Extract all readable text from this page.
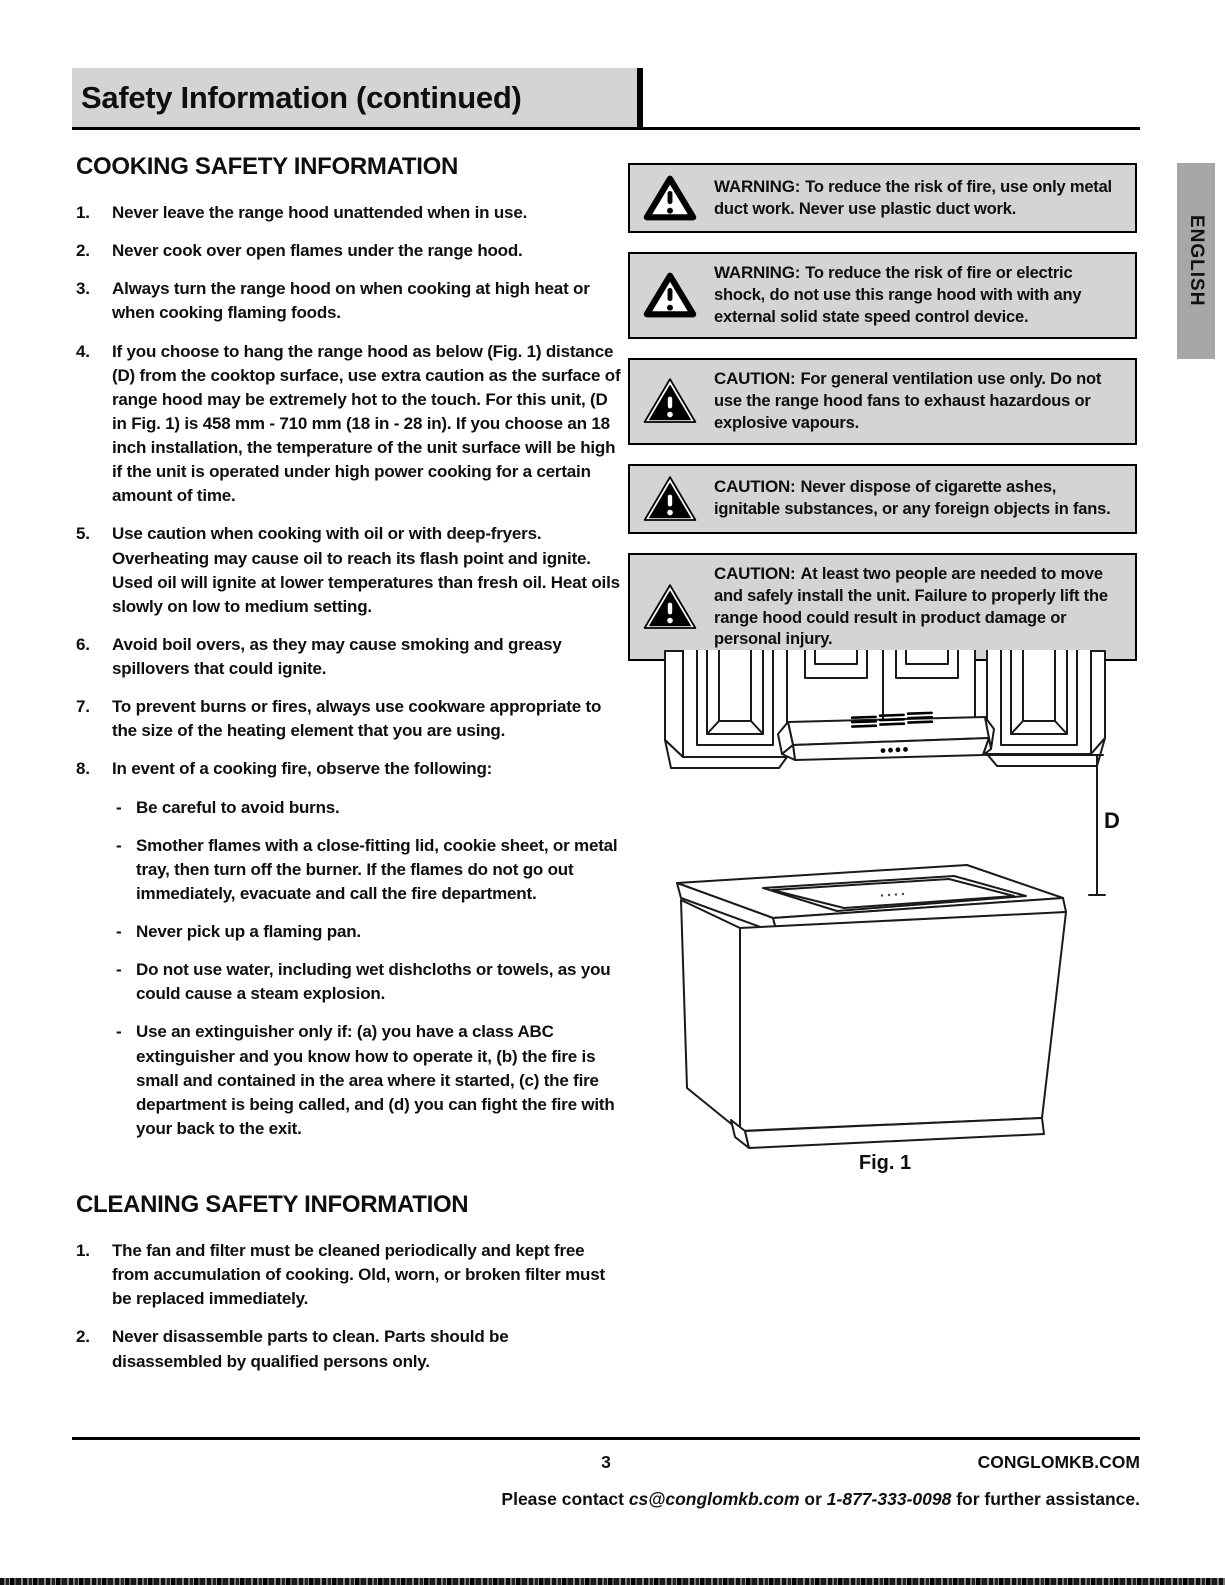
Safety Information (continued)
ENGLISH
COOKING SAFETY INFORMATION
1.	Never leave the range hood unattended when in use.
2.	Never cook over open flames under the range hood.
3.	Always turn the range hood on when cooking at high heat or when cooking flaming foods.
4.	If you choose to hang the range hood as below (Fig. 1) distance (D) from the cooktop surface, use extra caution as the surface of range hood may be extremely hot to the touch. For this unit, (D in Fig. 1) is 458 mm - 710 mm (18 in - 28 in). If you choose an 18 inch installation, the temperature of the unit surface will be high if the unit is operated under high power cooking for a certain amount of time.
5.	Use caution when cooking with oil or with deep-fryers. Overheating may cause oil to reach its flash point and ignite. Used oil will ignite at lower temperatures than fresh oil. Heat oils slowly on low to medium setting.
6.	Avoid boil overs, as they may cause smoking and greasy spillovers that could ignite.
7.	To prevent burns or fires, always use cookware appropriate to the size of the heating element that you are using.
8.	In event of a cooking fire, observe the following:
- Be careful to avoid burns.
- Smother flames with a close-fitting lid, cookie sheet, or metal tray, then turn off the burner. If the flames do not go out immediately, evacuate and call the fire department.
- Never pick up a flaming pan.
- Do not use water, including wet dishcloths or towels, as you could cause a steam explosion.
- Use an extinguisher only if: (a) you have a class ABC extinguisher and you know how to operate it, (b) the fire is small and contained in the area where it started, (c) the fire department is being called, and (d) you can fight the fire with your back to the exit.
CLEANING SAFETY INFORMATION
1.	The fan and filter must be cleaned periodically and kept free from accumulation of cooking. Old, worn, or broken filter must be replaced immediately.
2.	Never disassemble parts to clean. Parts should be disassembled by qualified persons only.

WARNING: To reduce the risk of fire, use only metal duct work. Never use plastic duct work.

WARNING: To reduce the risk of fire or electric shock, do not use this range hood with with any external solid state speed control device.

CAUTION: For general ventilation use only. Do not use the range hood fans to exhaust hazardous or explosive vapours.

CAUTION: Never dispose of cigarette ashes, ignitable substances, or any foreign objects in fans.

CAUTION: At least two people are needed to move and safely install the unit. Failure to properly lift the range hood could result in product damage or personal injury.

D
Fig. 1
3	CONGLOMKB.COM
Please contact cs@conglomkb.com or 1-877-333-0098 for further assistance.
